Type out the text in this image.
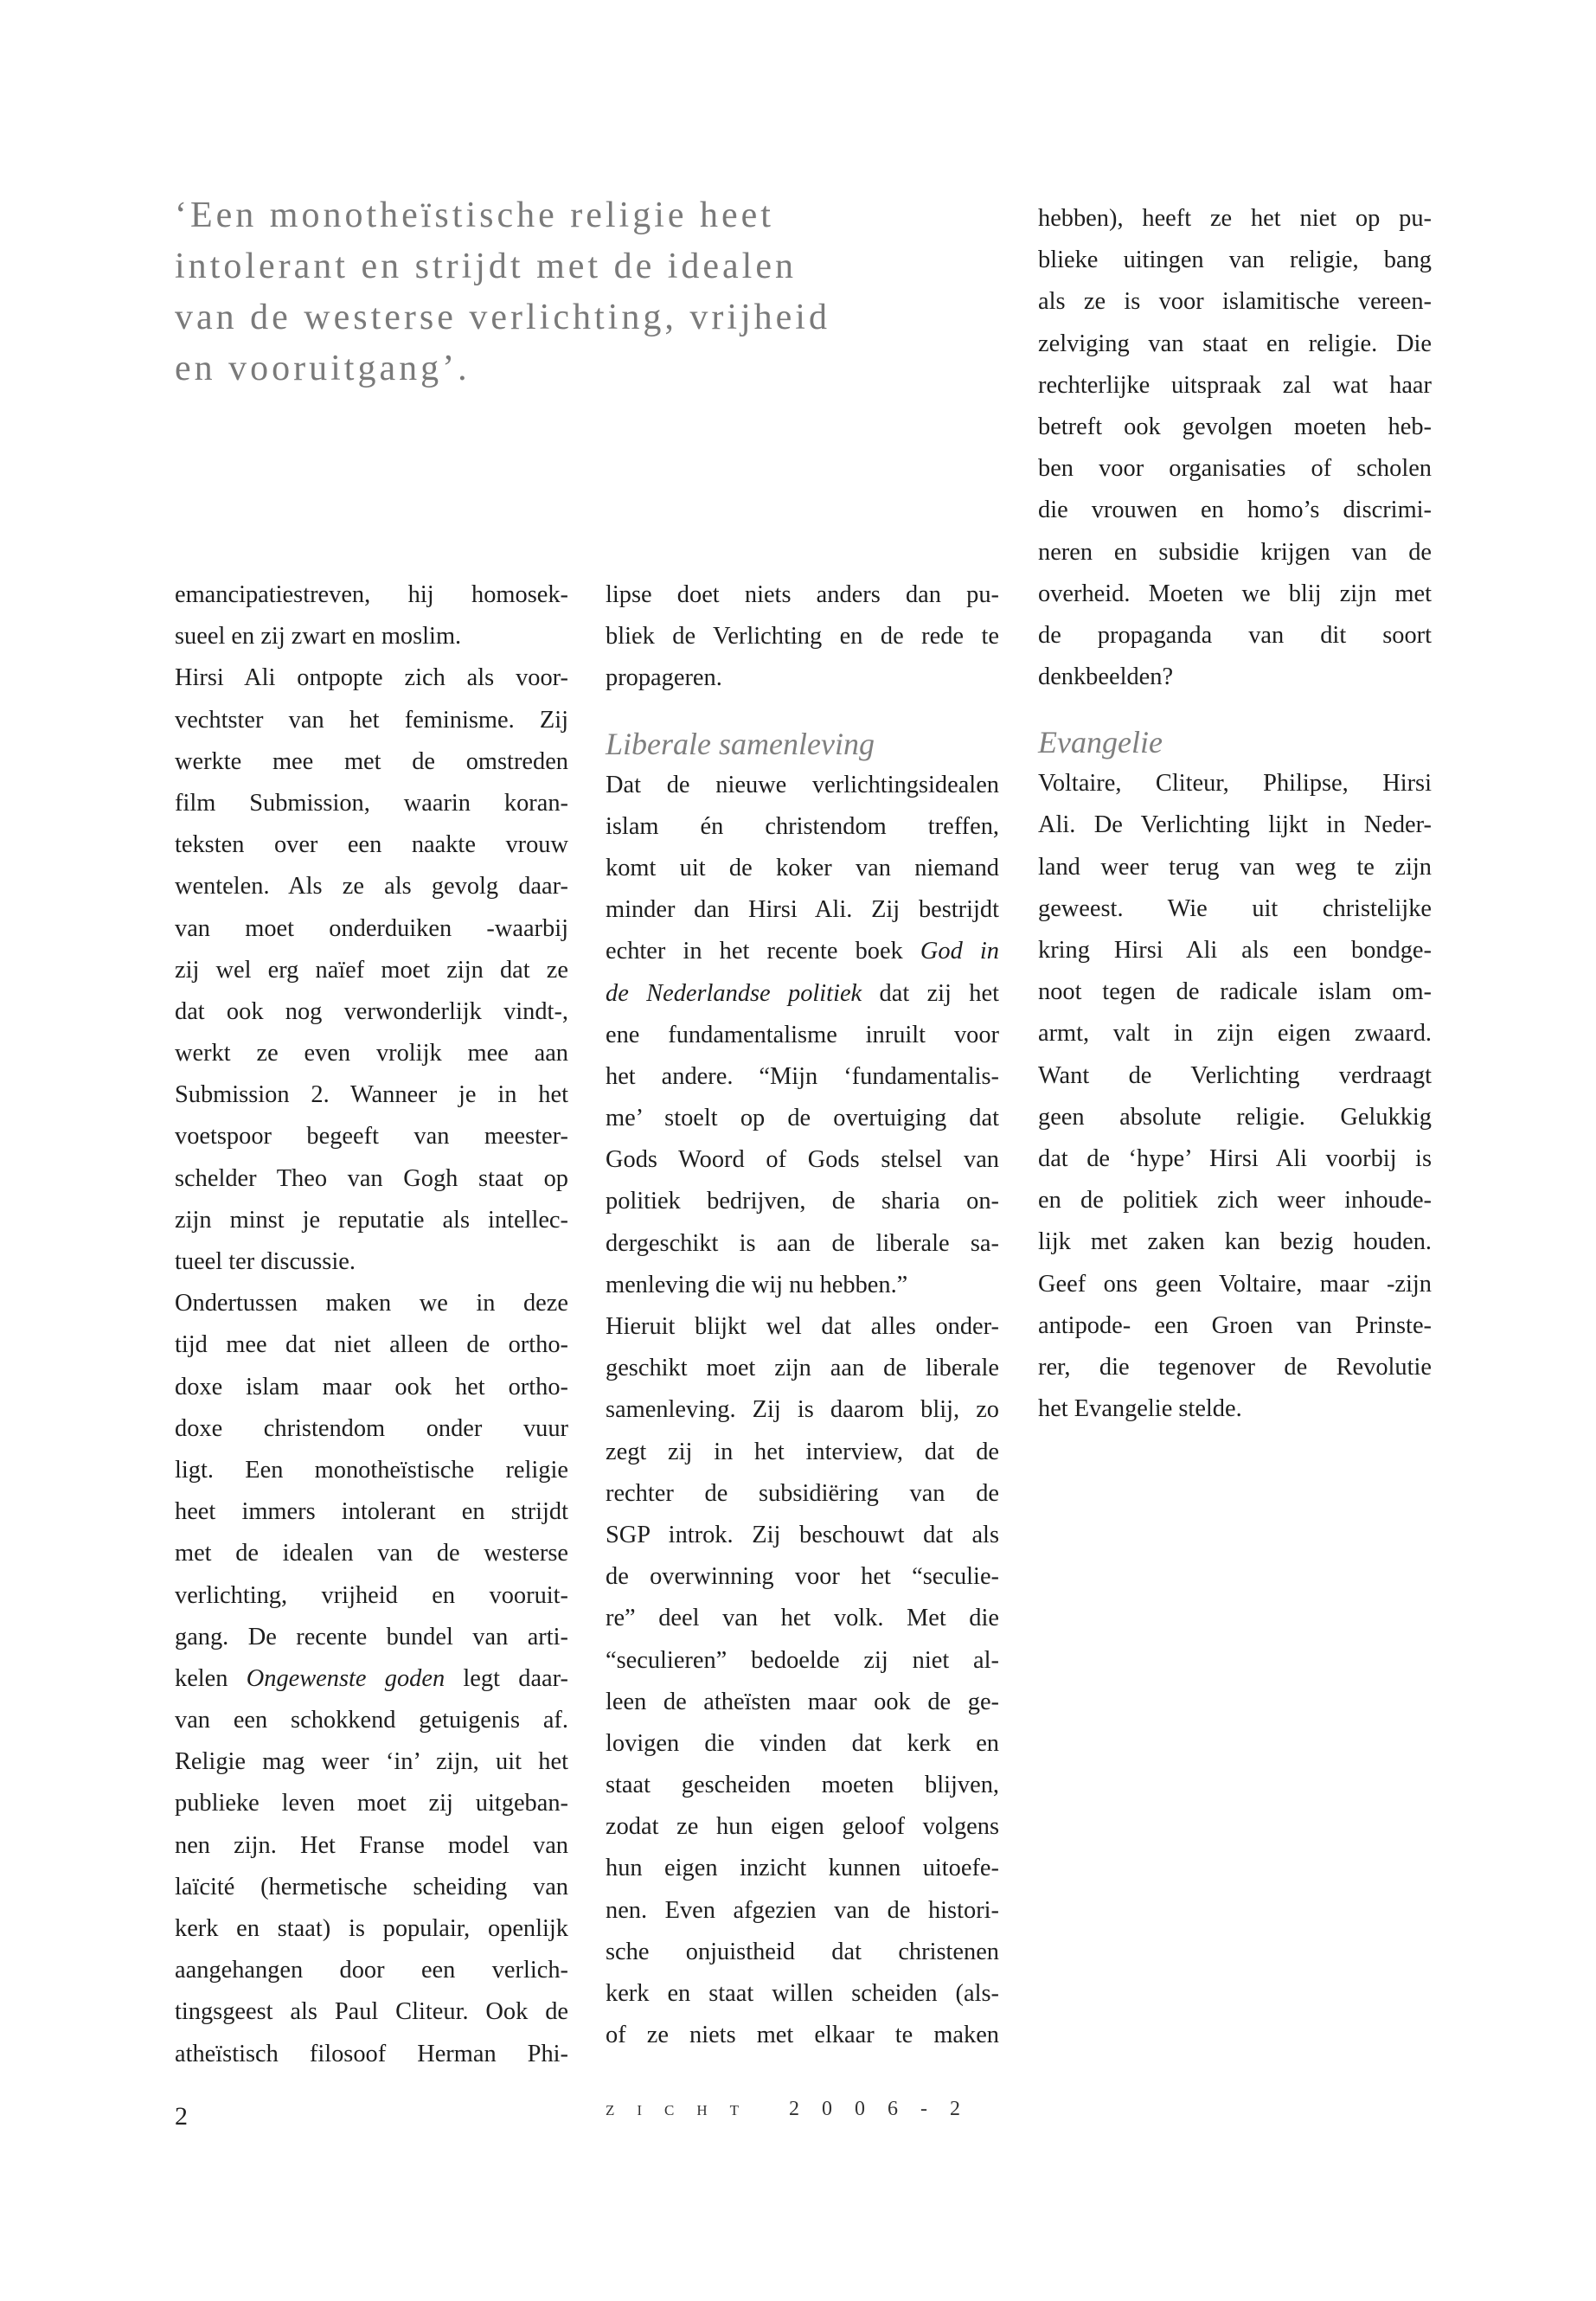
‘Een monotheïstische religie heet
intolerant en strijdt met de idealen
van de westerse verlichting, vrijheid
en vooruitgang’.
emancipatiestreven, hij homosek-
sueel en zij zwart en moslim.
Hirsi Ali ontpopte zich als voor-
vechtster van het feminisme. Zij
werkte mee met de omstreden
film Submission, waarin koran-
teksten over een naakte vrouw
wentelen. Als ze als gevolg daar-
van moet onderduiken -waarbij
zij wel erg naïef moet zijn dat ze
dat ook nog verwonderlijk vindt-,
werkt ze even vrolijk mee aan
Submission 2. Wanneer je in het
voetspoor begeeft van meester-
schelder Theo van Gogh staat op
zijn minst je reputatie als intellec-
tueel ter discussie.
Ondertussen maken we in deze
tijd mee dat niet alleen de ortho-
doxe islam maar ook het ortho-
doxe christendom onder vuur
ligt. Een monotheïstische religie
heet immers intolerant en strijdt
met de idealen van de westerse
verlichting, vrijheid en vooruit-
gang. De recente bundel van arti-
kelen Ongewenste goden legt daar-
van een schokkend getuigenis af.
Religie mag weer ‘in’ zijn, uit het
publieke leven moet zij uitgeban-
nen zijn. Het Franse model van
laïcité (hermetische scheiding van
kerk en staat) is populair, openlijk
aangehangen door een verlich-
tingsgeest als Paul Cliteur. Ook de
atheïstisch filosoof Herman Phi-
lipse doet niets anders dan pu-
bliek de Verlichting en de rede te
propageren.
Liberale samenleving
Dat de nieuwe verlichtingsidealen
islam én christendom treffen,
komt uit de koker van niemand
minder dan Hirsi Ali. Zij bestrijdt
echter in het recente boek God in
de Nederlandse politiek dat zij het
ene fundamentalisme inruilt voor
het andere. “Mijn ‘fundamentalis-
me’ stoelt op de overtuiging dat
Gods Woord of Gods stelsel van
politiek bedrijven, de sharia on-
dergeschikt is aan de liberale sa-
menleving die wij nu hebben.”
Hieruit blijkt wel dat alles onder-
geschikt moet zijn aan de liberale
samenleving. Zij is daarom blij, zo
zegt zij in het interview, dat de
rechter de subsidiëring van de
SGP introk. Zij beschouwt dat als
de overwinning voor het “seculie-
re” deel van het volk. Met die
“seculieren” bedoelde zij niet al-
leen de atheïsten maar ook de ge-
lovigen die vinden dat kerk en
staat gescheiden moeten blijven,
zodat ze hun eigen geloof volgens
hun eigen inzicht kunnen uitoefe-
nen. Even afgezien van de histori-
sche onjuistheid dat christenen
kerk en staat willen scheiden (als-
of ze niets met elkaar te maken
hebben), heeft ze het niet op pu-
blieke uitingen van religie, bang
als ze is voor islamitische vereen-
zelviging van staat en religie. Die
rechterlijke uitspraak zal wat haar
betreft ook gevolgen moeten heb-
ben voor organisaties of scholen
die vrouwen en homo’s discrimi-
neren en subsidie krijgen van de
overheid. Moeten we blij zijn met
de propaganda van dit soort
denkbeelden?
Evangelie
Voltaire, Cliteur, Philipse, Hirsi
Ali. De Verlichting lijkt in Neder-
land weer terug van weg te zijn
geweest. Wie uit christelijke
kring Hirsi Ali als een bondge-
noot tegen de radicale islam om-
armt, valt in zijn eigen zwaard.
Want de Verlichting verdraagt
geen absolute religie. Gelukkig
dat de ‘hype’ Hirsi Ali voorbij is
en de politiek zich weer inhoude-
lijk met zaken kan bezig houden.
Geef ons geen Voltaire, maar -zijn
antipode- een Groen van Prinste-
rer, die tegenover de Revolutie
het Evangelie stelde.
2	zicht 2006-2
